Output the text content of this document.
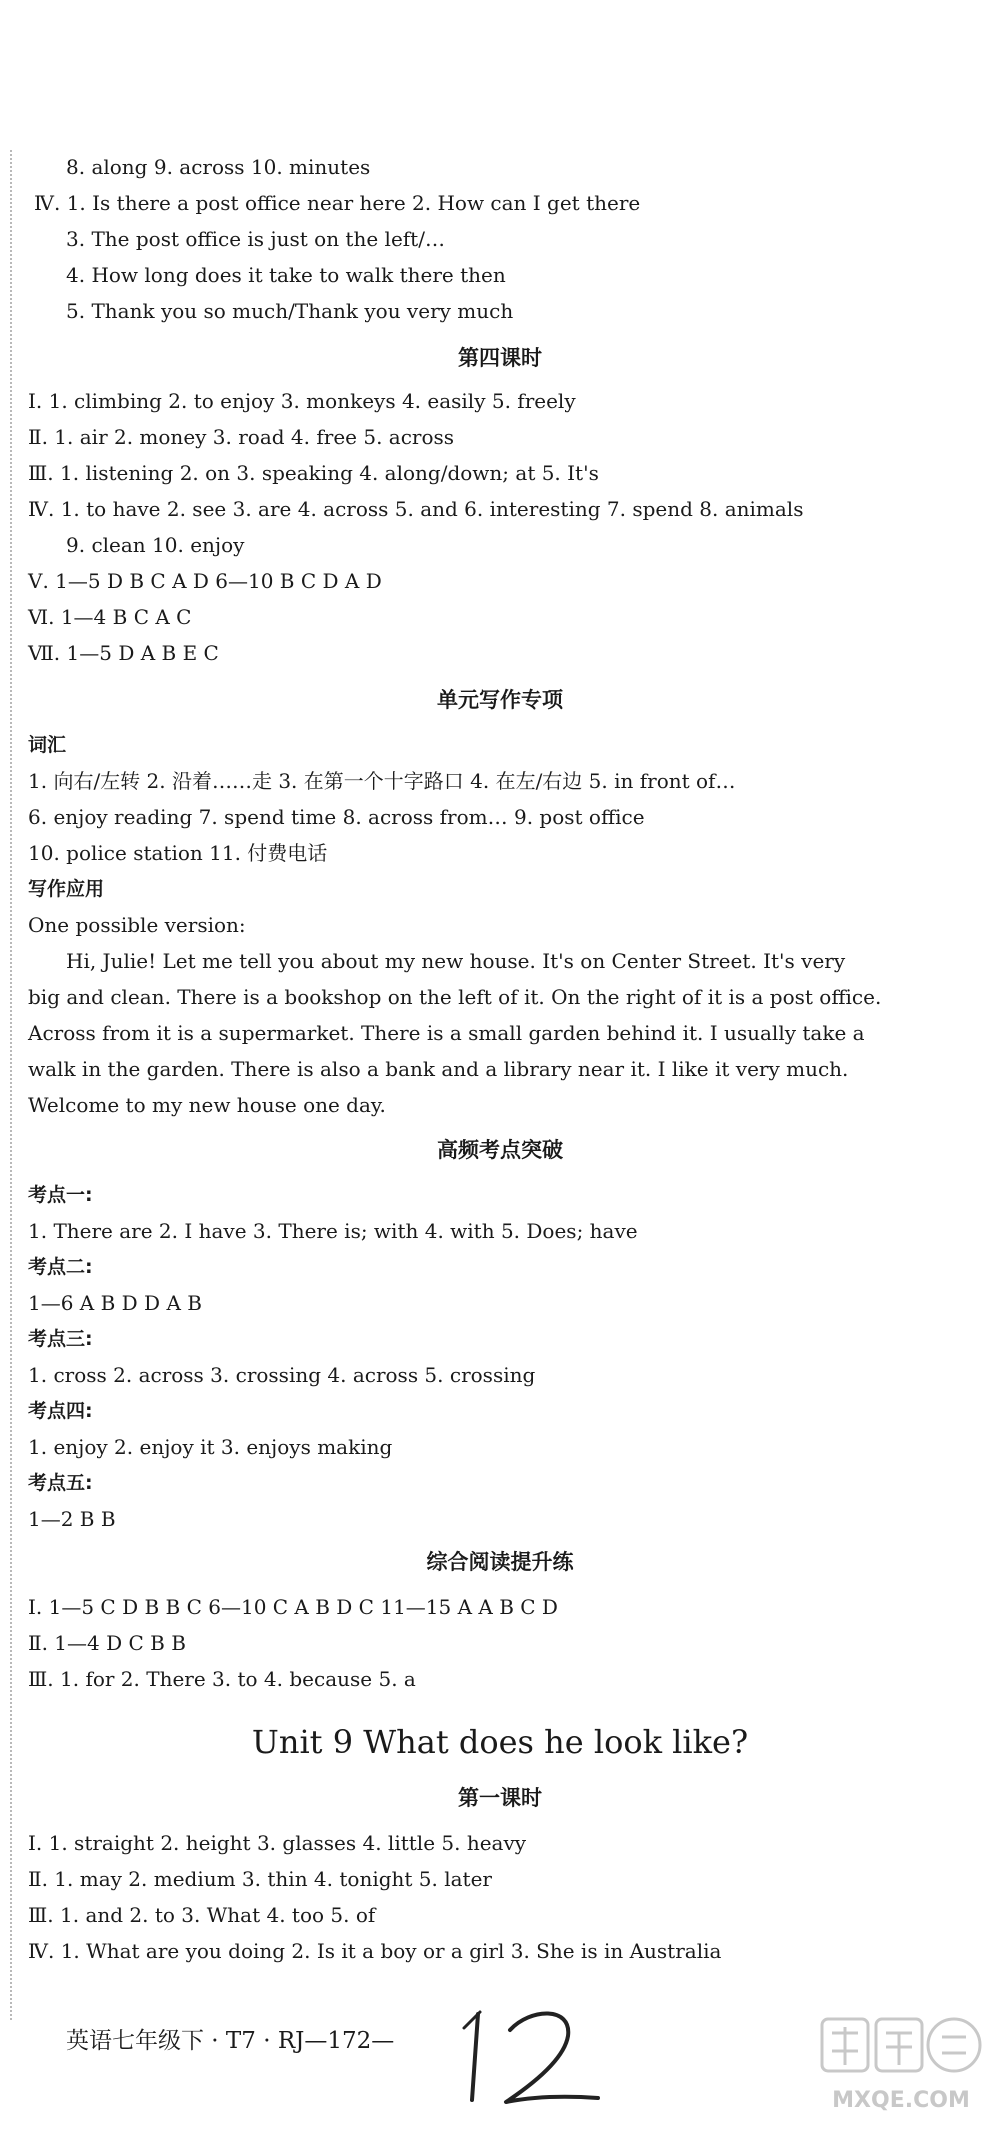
8. along 9. across 10. minutes
Ⅳ. 1. Is there a post office near here 2. How can I get there
3. The post office is just on the left/…
4. How long does it take to walk there then
5. Thank you so much/Thank you very much
第四课时
Ⅰ. 1. climbing 2. to enjoy 3. monkeys 4. easily 5. freely
Ⅱ. 1. air 2. money 3. road 4. free 5. across
Ⅲ. 1. listening 2. on 3. speaking 4. along/down; at 5. It's
Ⅳ. 1. to have 2. see 3. are 4. across 5. and 6. interesting 7. spend 8. animals
9. clean 10. enjoy
Ⅴ. 1—5 D B C A D 6—10 B C D A D
Ⅵ. 1—4 B C A C
Ⅶ. 1—5 D A B E C
单元写作专项
词汇
1. 向右/左转 2. 沿着……走 3. 在第一个十字路口 4. 在左/右边 5. in front of…
6. enjoy reading 7. spend time 8. across from… 9. post office
10. police station 11. 付费电话
写作应用
One possible version:
Hi, Julie! Let me tell you about my new house. It's on Center Street. It's very
big and clean. There is a bookshop on the left of it. On the right of it is a post office.
Across from it is a supermarket. There is a small garden behind it. I usually take a
walk in the garden. There is also a bank and a library near it. I like it very much.
Welcome to my new house one day.
高频考点突破
考点一:
1. There are 2. I have 3. There is; with 4. with 5. Does; have
考点二:
1—6 A B D D A B
考点三:
1. cross 2. across 3. crossing 4. across 5. crossing
考点四:
1. enjoy 2. enjoy it 3. enjoys making
考点五:
1—2 B B
综合阅读提升练
Ⅰ. 1—5 C D B B C 6—10 C A B D C 11—15 A A B C D
Ⅱ. 1—4 D C B B
Ⅲ. 1. for 2. There 3. to 4. because 5. a
Unit 9 What does he look like?
第一课时
Ⅰ. 1. straight 2. height 3. glasses 4. little 5. heavy
Ⅱ. 1. may 2. medium 3. thin 4. tonight 5. later
Ⅲ. 1. and 2. to 3. What 4. too 5. of
Ⅳ. 1. What are you doing 2. Is it a boy or a girl 3. She is in Australia
英语七年级下 · T7 · RJ—172—
MXQE.COM
